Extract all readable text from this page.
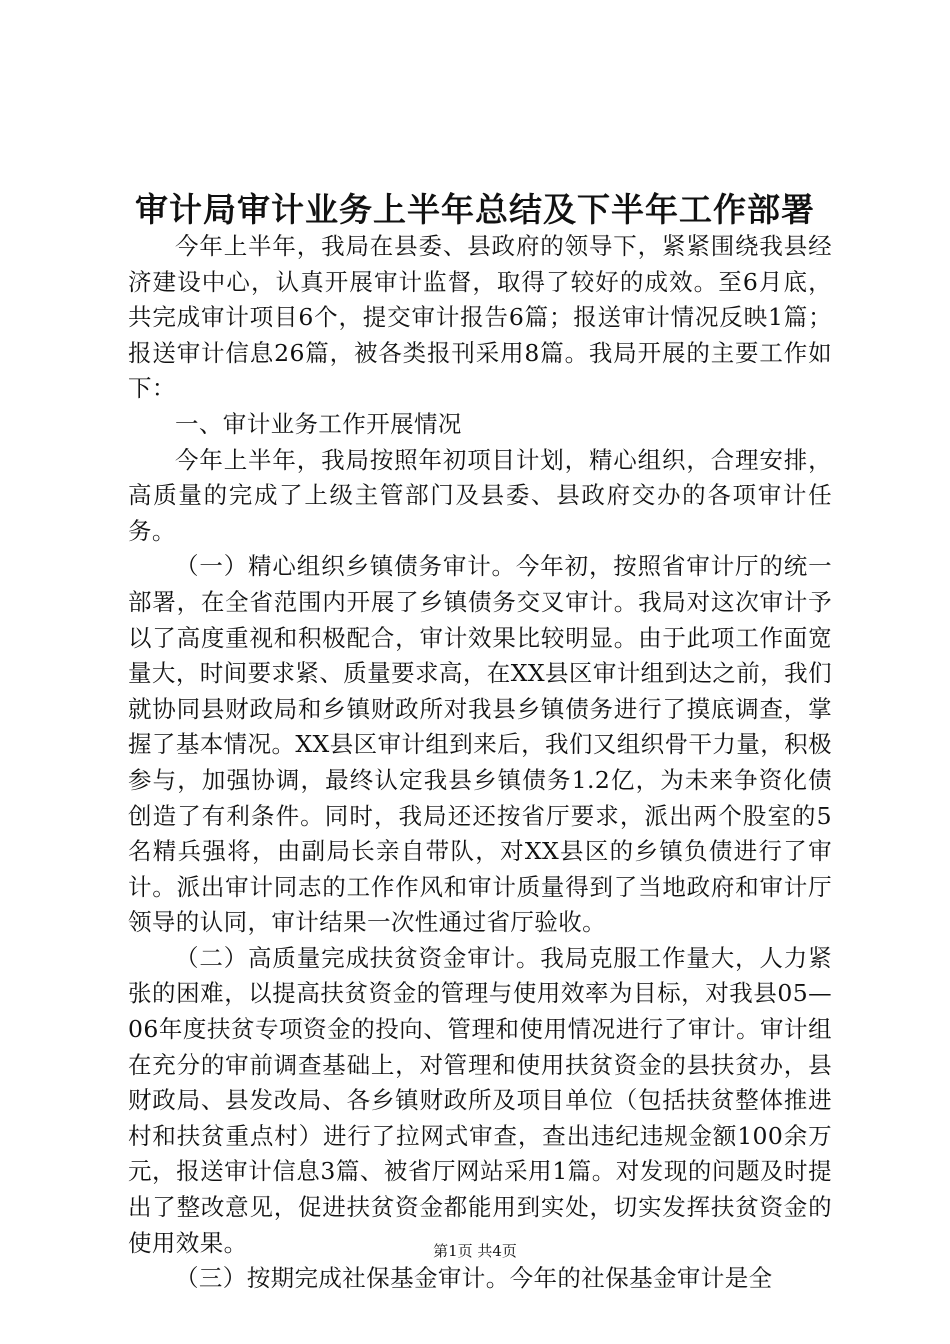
审计局审计业务上半年总结及下半年工作部署

今年上半年，我局在县委、县政府的领导下，紧紧围绕我县经济建设中心，认真开展审计监督，取得了较好的成效。至6月底，共完成审计项目6个，提交审计报告6篇；报送审计情况反映1篇；报送审计信息26篇，被各类报刊采用8篇。我局开展的主要工作如下：

一、审计业务工作开展情况

今年上半年，我局按照年初项目计划，精心组织，合理安排，高质量的完成了上级主管部门及县委、县政府交办的各项审计任务。

（一）精心组织乡镇债务审计。今年初，按照省审计厅的统一部署，在全省范围内开展了乡镇债务交叉审计。我局对这次审计予以了高度重视和积极配合，审计效果比较明显。由于此项工作面宽量大，时间要求紧、质量要求高，在XX县区审计组到达之前，我们就协同县财政局和乡镇财政所对我县乡镇债务进行了摸底调查，掌握了基本情况。XX县区审计组到来后，我们又组织骨干力量，积极参与，加强协调，最终认定我县乡镇债务1.2亿，为未来争资化债创造了有利条件。同时，我局还还按省厅要求，派出两个股室的5名精兵强将，由副局长亲自带队，对XX县区的乡镇负债进行了审计。派出审计同志的工作作风和审计质量得到了当地政府和审计厅领导的认同，审计结果一次性通过省厅验收。

（二）高质量完成扶贫资金审计。我局克服工作量大，人力紧张的困难，以提高扶贫资金的管理与使用效率为目标，对我县05—06年度扶贫专项资金的投向、管理和使用情况进行了审计。审计组在充分的审前调查基础上，对管理和使用扶贫资金的县扶贫办，县财政局、县发改局、各乡镇财政所及项目单位（包括扶贫整体推进村和扶贫重点村）进行了拉网式审查，查出违纪违规金额100余万元，报送审计信息3篇、被省厅网站采用1篇。对发现的问题及时提出了整改意见，促进扶贫资金都能用到实处，切实发挥扶贫资金的使用效果。

（三）按期完成社保基金审计。今年的社保基金审计是全

第1页 共4页
